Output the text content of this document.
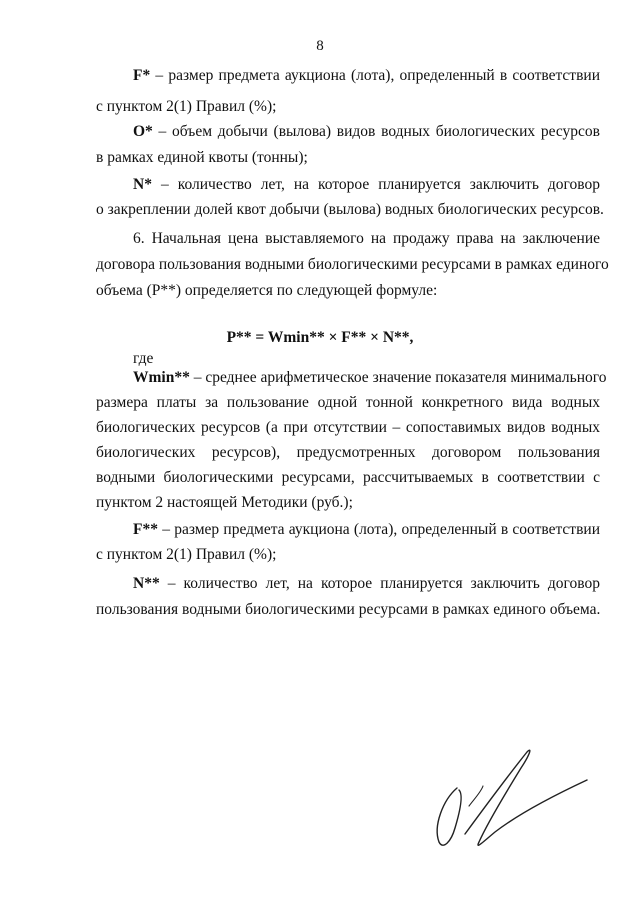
8
F* – размер предмета аукциона (лота), определенный в соответствии
с пунктом 2(1) Правил (%);
O* – объем добычи (вылова) видов водных биологических ресурсов
в рамках единой квоты (тонны);
N* – количество лет, на которое планируется заключить договор
о закреплении долей квот добычи (вылова) водных биологических ресурсов.
6. Начальная цена выставляемого на продажу права на заключение
договора пользования водными биологическими ресурсами в рамках единого
объема (P**) определяется по следующей формуле:
P** = Wmin** × F** × N**,
где
Wmin** – среднее арифметическое значение показателя минимального
размера платы за пользование одной тонной конкретного вида водных
биологических ресурсов (а при отсутствии – сопоставимых видов водных
биологических ресурсов), предусмотренных договором пользования
водными биологическими ресурсами, рассчитываемых в соответствии с
пунктом 2 настоящей Методики (руб.);
F** – размер предмета аукциона (лота), определенный в соответствии
с пунктом 2(1) Правил (%);
N** – количество лет, на которое планируется заключить договор
пользования водными биологическими ресурсами в рамках единого объема.
